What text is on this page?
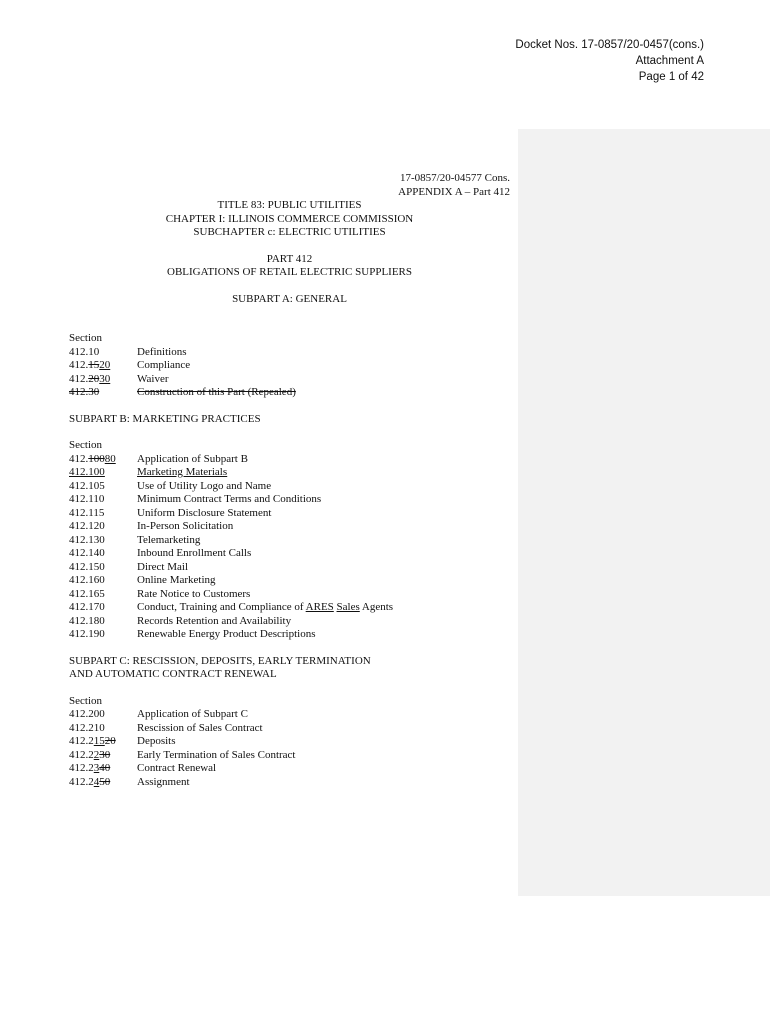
Docket Nos. 17-0857/20-0457(cons.)
Attachment A
Page 1 of 42
17-0857/20-04577 Cons.
APPENDIX A – Part 412
TITLE 83: PUBLIC UTILITIES
CHAPTER I: ILLINOIS COMMERCE COMMISSION
SUBCHAPTER c: ELECTRIC UTILITIES
PART 412
OBLIGATIONS OF RETAIL ELECTRIC SUPPLIERS
SUBPART A: GENERAL
Section
412.10	Definitions
412.1520	Compliance
412.2030	Waiver
412.30	Construction of this Part (Repealed)
SUBPART B: MARKETING PRACTICES
Section
412.10080	Application of Subpart B
412.100	Marketing Materials
412.105	Use of Utility Logo and Name
412.110	Minimum Contract Terms and Conditions
412.115	Uniform Disclosure Statement
412.120	In-Person Solicitation
412.130	Telemarketing
412.140	Inbound Enrollment Calls
412.150	Direct Mail
412.160	Online Marketing
412.165	Rate Notice to Customers
412.170	Conduct, Training and Compliance of ARES Sales Agents
412.180	Records Retention and Availability
412.190	Renewable Energy Product Descriptions
SUBPART C: RESCISSION, DEPOSITS, EARLY TERMINATION
AND AUTOMATIC CONTRACT RENEWAL
Section
412.200	Application of Subpart C
412.210	Rescission of Sales Contract
412.21520	Deposits
412.2230	Early Termination of Sales Contract
412.2340	Contract Renewal
412.2450	Assignment
